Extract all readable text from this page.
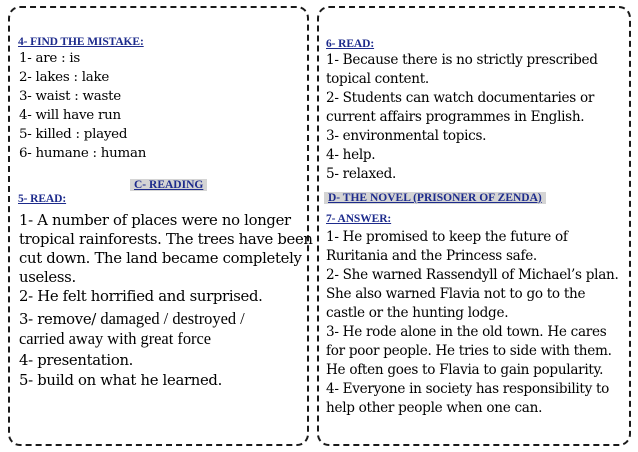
4- FIND THE MISTAKE:
1- are : is
2- lakes : lake
3- waist : waste
4- will have run
5- killed : played
6- humane : human
C- READING
5- READ:
1- A number of places were no longer
tropical rainforests. The trees have been
cut down. The land became completely
useless.
2- He felt horrified and surprised.
3- remove/ damaged / destroyed /
carried away with great force
4- presentation.
5- build on what he learned.
6- READ:
1- Because there is no strictly prescribed
topical content.
2- Students can watch documentaries or
current affairs programmes in English.
3- environmental topics.
4- help.
5- relaxed.
D- THE NOVEL (PRISONER OF ZENDA)
7- ANSWER:
1- He promised to keep the future of
Ruritania and the Princess safe.
2- She warned Rassendyll of Michael’s plan.
She also warned Flavia not to go to the
castle or the hunting lodge.
3- He rode alone in the old town. He cares
for poor people. He tries to side with them.
He often goes to Flavia to gain popularity.
4- Everyone in society has responsibility to
help other people when one can.
